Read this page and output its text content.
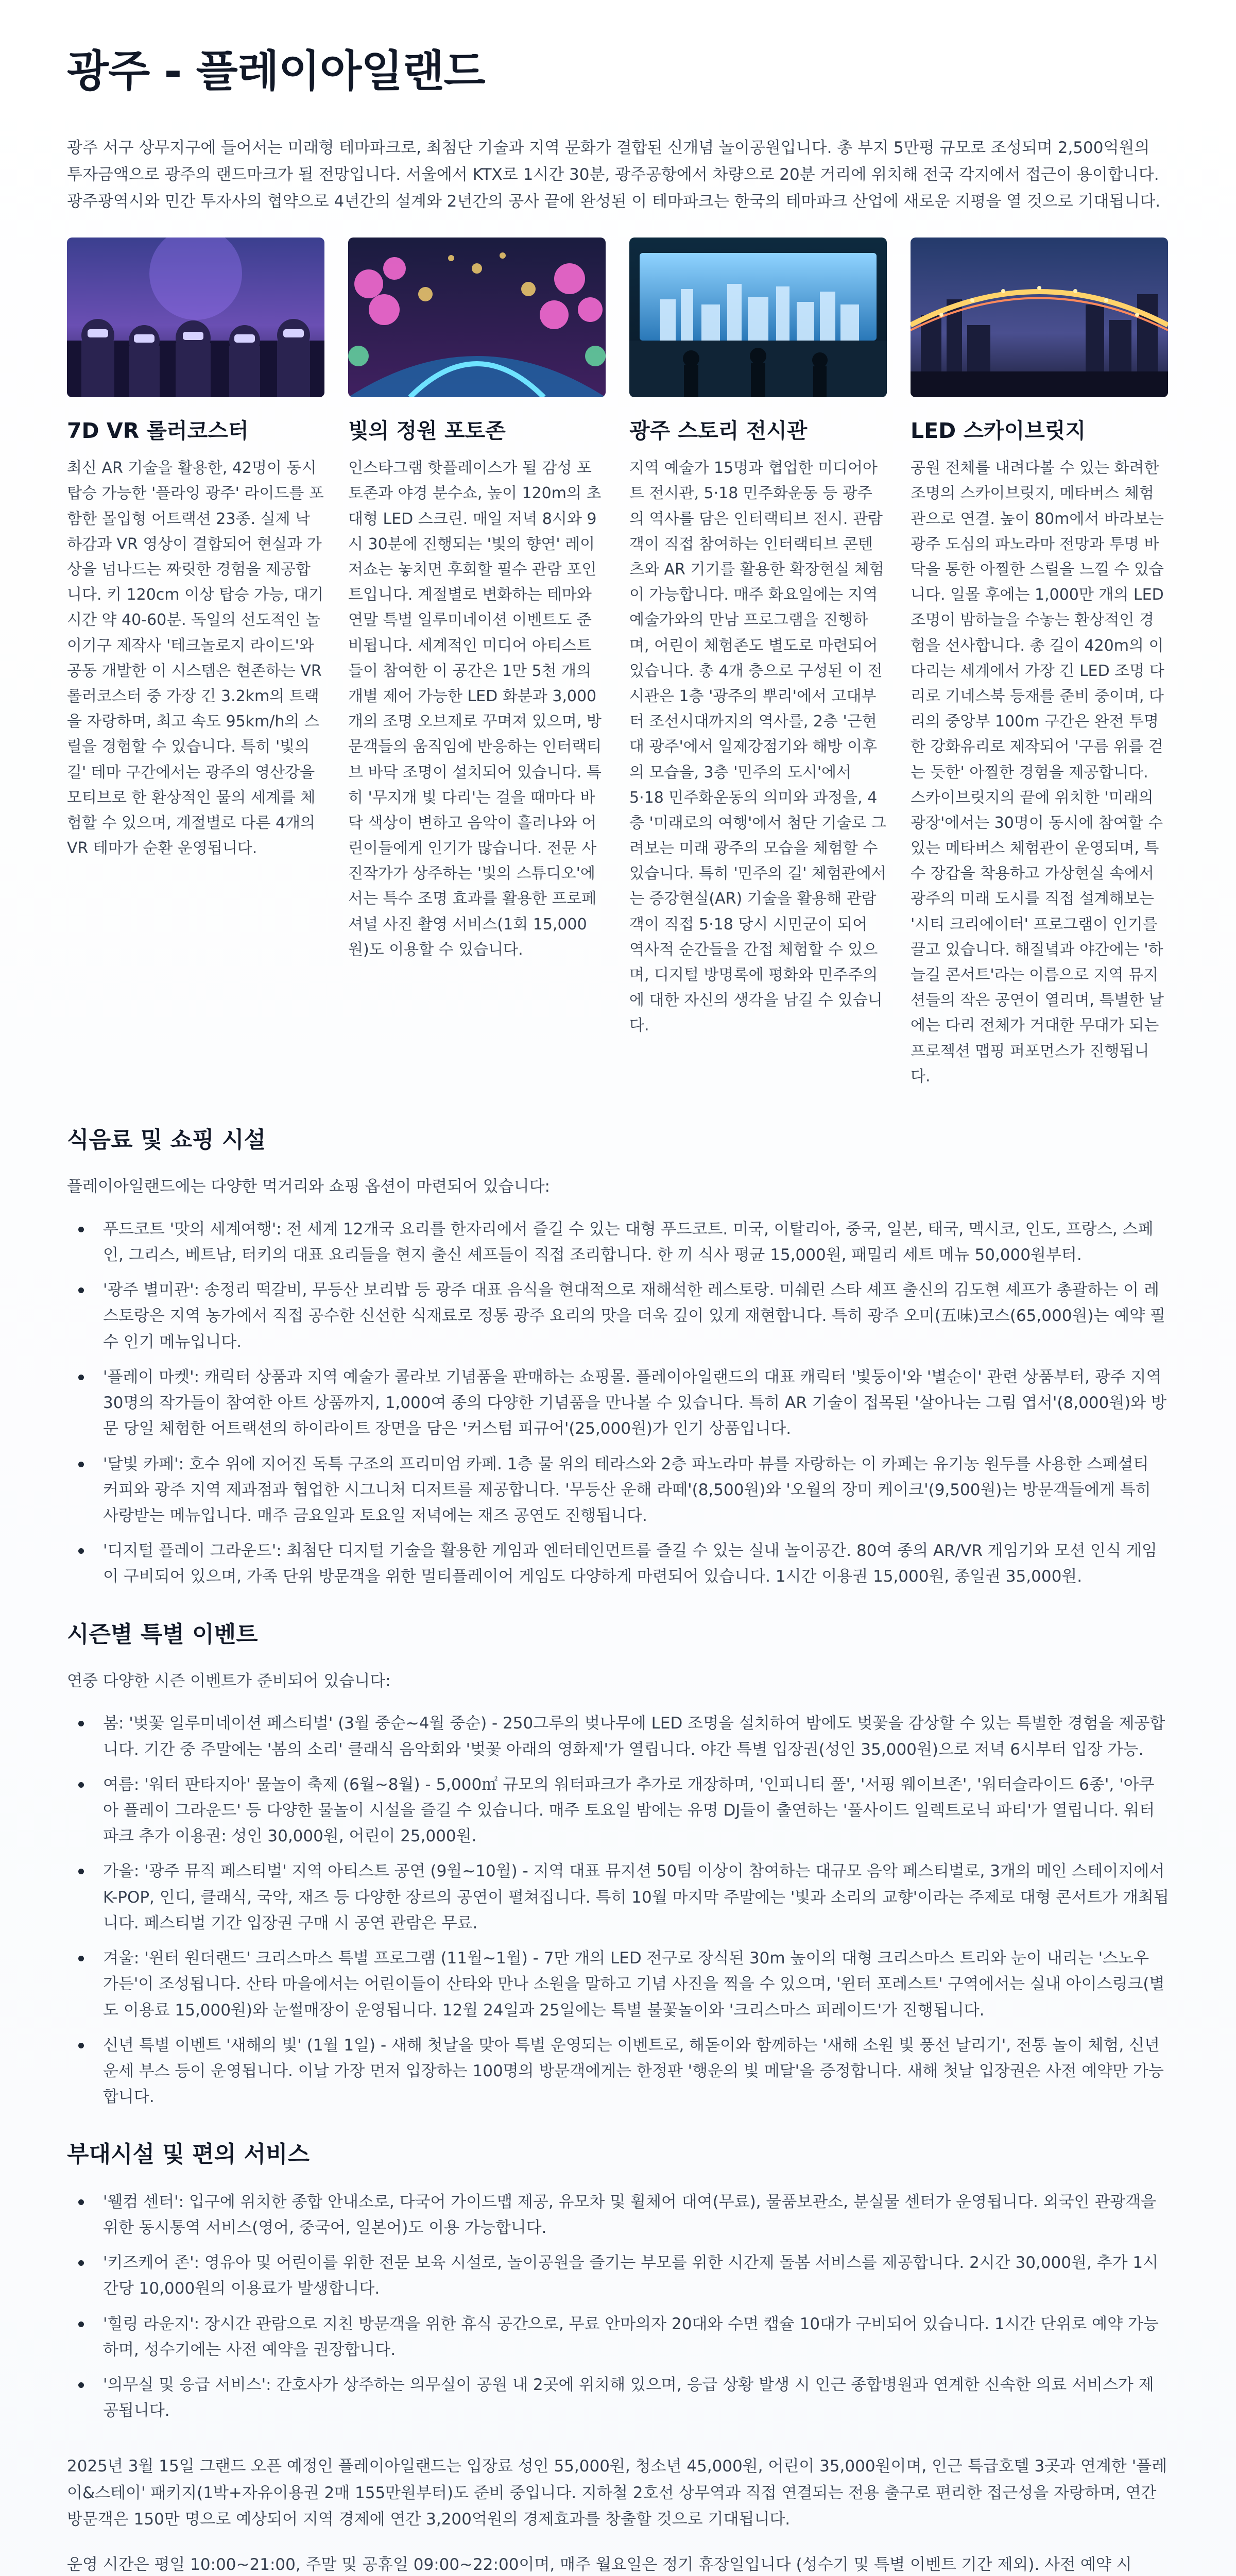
광주 - 플레이아일랜드

광주 서구 상무지구에 들어서는 미래형 테마파크로, 최첨단 기술과 지역 문화가 결합된 신개념 놀이공원입니다. 총 부지 5만평 규모로 조성되며 2,500억원의 투자금액으로 광주의 랜드마크가 될 전망입니다. 서울에서 KTX로 1시간 30분, 광주공항에서 차량으로 20분 거리에 위치해 전국 각지에서 접근이 용이합니다. 광주광역시와 민간 투자사의 협약으로 4년간의 설계와 2년간의 공사 끝에 완성된 이 테마파크는 한국의 테마파크 산업에 새로운 지평을 열 것으로 기대됩니다.

7D VR 롤러코스터
최신 AR 기술을 활용한, 42명이 동시 탑승 가능한 '플라잉 광주' 라이드를 포함한 몰입형 어트랙션 23종. 실제 낙하감과 VR 영상이 결합되어 현실과 가상을 넘나드는 짜릿한 경험을 제공합니다. 키 120cm 이상 탑승 가능, 대기시간 약 40-60분. 독일의 선도적인 놀이기구 제작사 '테크놀로지 라이드'와 공동 개발한 이 시스템은 현존하는 VR 롤러코스터 중 가장 긴 3.2km의 트랙을 자랑하며, 최고 속도 95km/h의 스릴을 경험할 수 있습니다. 특히 '빛의 길' 테마 구간에서는 광주의 영산강을 모티브로 한 환상적인 물의 세계를 체험할 수 있으며, 계절별로 다른 4개의 VR 테마가 순환 운영됩니다.
빛의 정원 포토존
인스타그램 핫플레이스가 될 감성 포토존과 야경 분수쇼, 높이 120m의 초대형 LED 스크린. 매일 저녁 8시와 9시 30분에 진행되는 '빛의 향연' 레이저쇼는 놓치면 후회할 필수 관람 포인트입니다. 계절별로 변화하는 테마와 연말 특별 일루미네이션 이벤트도 준비됩니다. 세계적인 미디어 아티스트들이 참여한 이 공간은 1만 5천 개의 개별 제어 가능한 LED 화분과 3,000개의 조명 오브제로 꾸며져 있으며, 방문객들의 움직임에 반응하는 인터랙티브 바닥 조명이 설치되어 있습니다. 특히 '무지개 빛 다리'는 걸을 때마다 바닥 색상이 변하고 음악이 흘러나와 어린이들에게 인기가 많습니다. 전문 사진작가가 상주하는 '빛의 스튜디오'에서는 특수 조명 효과를 활용한 프로페셔널 사진 촬영 서비스(1회 15,000원)도 이용할 수 있습니다.
광주 스토리 전시관
지역 예술가 15명과 협업한 미디어아트 전시관, 5·18 민주화운동 등 광주의 역사를 담은 인터랙티브 전시. 관람객이 직접 참여하는 인터랙티브 콘텐츠와 AR 기기를 활용한 확장현실 체험이 가능합니다. 매주 화요일에는 지역 예술가와의 만남 프로그램을 진행하며, 어린이 체험존도 별도로 마련되어 있습니다. 총 4개 층으로 구성된 이 전시관은 1층 '광주의 뿌리'에서 고대부터 조선시대까지의 역사를, 2층 '근현대 광주'에서 일제강점기와 해방 이후의 모습을, 3층 '민주의 도시'에서 5·18 민주화운동의 의미와 과정을, 4층 '미래로의 여행'에서 첨단 기술로 그려보는 미래 광주의 모습을 체험할 수 있습니다. 특히 '민주의 길' 체험관에서는 증강현실(AR) 기술을 활용해 관람객이 직접 5·18 당시 시민군이 되어 역사적 순간들을 간접 체험할 수 있으며, 디지털 방명록에 평화와 민주주의에 대한 자신의 생각을 남길 수 있습니다.
LED 스카이브릿지
공원 전체를 내려다볼 수 있는 화려한 조명의 스카이브릿지, 메타버스 체험관으로 연결. 높이 80m에서 바라보는 광주 도심의 파노라마 전망과 투명 바닥을 통한 아찔한 스릴을 느낄 수 있습니다. 일몰 후에는 1,000만 개의 LED 조명이 밤하늘을 수놓는 환상적인 경험을 선사합니다. 총 길이 420m의 이 다리는 세계에서 가장 긴 LED 조명 다리로 기네스북 등재를 준비 중이며, 다리의 중앙부 100m 구간은 완전 투명한 강화유리로 제작되어 '구름 위를 걷는 듯한' 아찔한 경험을 제공합니다. 스카이브릿지의 끝에 위치한 '미래의 광장'에서는 30명이 동시에 참여할 수 있는 메타버스 체험관이 운영되며, 특수 장갑을 착용하고 가상현실 속에서 광주의 미래 도시를 직접 설계해보는 '시티 크리에이터' 프로그램이 인기를 끌고 있습니다. 해질녘과 야간에는 '하늘길 콘서트'라는 이름으로 지역 뮤지션들의 작은 공연이 열리며, 특별한 날에는 다리 전체가 거대한 무대가 되는 프로젝션 맵핑 퍼포먼스가 진행됩니다.
식음료 및 쇼핑 시설

플레이아일랜드에는 다양한 먹거리와 쇼핑 옵션이 마련되어 있습니다:

푸드코트 '맛의 세계여행': 전 세계 12개국 요리를 한자리에서 즐길 수 있는 대형 푸드코트. 미국, 이탈리아, 중국, 일본, 태국, 멕시코, 인도, 프랑스, 스페인, 그리스, 베트남, 터키의 대표 요리들을 현지 출신 셰프들이 직접 조리합니다. 한 끼 식사 평균 15,000원, 패밀리 세트 메뉴 50,000원부터.
'광주 별미관': 송정리 떡갈비, 무등산 보리밥 등 광주 대표 음식을 현대적으로 재해석한 레스토랑. 미쉐린 스타 셰프 출신의 김도현 셰프가 총괄하는 이 레스토랑은 지역 농가에서 직접 공수한 신선한 식재료로 정통 광주 요리의 맛을 더욱 깊이 있게 재현합니다. 특히 광주 오미(五味)코스(65,000원)는 예약 필수 인기 메뉴입니다.
'플레이 마켓': 캐릭터 상품과 지역 예술가 콜라보 기념품을 판매하는 쇼핑몰. 플레이아일랜드의 대표 캐릭터 '빛둥이'와 '별순이' 관련 상품부터, 광주 지역 30명의 작가들이 참여한 아트 상품까지, 1,000여 종의 다양한 기념품을 만나볼 수 있습니다. 특히 AR 기술이 접목된 '살아나는 그림 엽서'(8,000원)와 방문 당일 체험한 어트랙션의 하이라이트 장면을 담은 '커스텀 피규어'(25,000원)가 인기 상품입니다.
'달빛 카페': 호수 위에 지어진 독특 구조의 프리미엄 카페. 1층 물 위의 테라스와 2층 파노라마 뷰를 자랑하는 이 카페는 유기농 원두를 사용한 스페셜티 커피와 광주 지역 제과점과 협업한 시그니처 디저트를 제공합니다. '무등산 운해 라떼'(8,500원)와 '오월의 장미 케이크'(9,500원)는 방문객들에게 특히 사랑받는 메뉴입니다. 매주 금요일과 토요일 저녁에는 재즈 공연도 진행됩니다.
'디지털 플레이 그라운드': 최첨단 디지털 기술을 활용한 게임과 엔터테인먼트를 즐길 수 있는 실내 놀이공간. 80여 종의 AR/VR 게임기와 모션 인식 게임이 구비되어 있으며, 가족 단위 방문객을 위한 멀티플레이어 게임도 다양하게 마련되어 있습니다. 1시간 이용권 15,000원, 종일권 35,000원.
시즌별 특별 이벤트

연중 다양한 시즌 이벤트가 준비되어 있습니다:

봄: '벚꽃 일루미네이션 페스티벌' (3월 중순~4월 중순) - 250그루의 벚나무에 LED 조명을 설치하여 밤에도 벚꽃을 감상할 수 있는 특별한 경험을 제공합니다. 기간 중 주말에는 '봄의 소리' 클래식 음악회와 '벚꽃 아래의 영화제'가 열립니다. 야간 특별 입장권(성인 35,000원)으로 저녁 6시부터 입장 가능.
여름: '워터 판타지아' 물놀이 축제 (6월~8월) - 5,000㎡ 규모의 워터파크가 추가로 개장하며, '인피니티 풀', '서핑 웨이브존', '워터슬라이드 6종', '아쿠아 플레이 그라운드' 등 다양한 물놀이 시설을 즐길 수 있습니다. 매주 토요일 밤에는 유명 DJ들이 출연하는 '풀사이드 일렉트로닉 파티'가 열립니다. 워터파크 추가 이용권: 성인 30,000원, 어린이 25,000원.
가을: '광주 뮤직 페스티벌' 지역 아티스트 공연 (9월~10월) - 지역 대표 뮤지션 50팀 이상이 참여하는 대규모 음악 페스티벌로, 3개의 메인 스테이지에서 K-POP, 인디, 클래식, 국악, 재즈 등 다양한 장르의 공연이 펼쳐집니다. 특히 10월 마지막 주말에는 '빛과 소리의 교향'이라는 주제로 대형 콘서트가 개최됩니다. 페스티벌 기간 입장권 구매 시 공연 관람은 무료.
겨울: '윈터 원더랜드' 크리스마스 특별 프로그램 (11월~1월) - 7만 개의 LED 전구로 장식된 30m 높이의 대형 크리스마스 트리와 눈이 내리는 '스노우 가든'이 조성됩니다. 산타 마을에서는 어린이들이 산타와 만나 소원을 말하고 기념 사진을 찍을 수 있으며, '윈터 포레스트' 구역에서는 실내 아이스링크(별도 이용료 15,000원)와 눈썰매장이 운영됩니다. 12월 24일과 25일에는 특별 불꽃놀이와 '크리스마스 퍼레이드'가 진행됩니다.
신년 특별 이벤트 '새해의 빛' (1월 1일) - 새해 첫날을 맞아 특별 운영되는 이벤트로, 해돋이와 함께하는 '새해 소원 빛 풍선 날리기', 전통 놀이 체험, 신년 운세 부스 등이 운영됩니다. 이날 가장 먼저 입장하는 100명의 방문객에게는 한정판 '행운의 빛 메달'을 증정합니다. 새해 첫날 입장권은 사전 예약만 가능합니다.
부대시설 및 편의 서비스
'웰컴 센터': 입구에 위치한 종합 안내소로, 다국어 가이드맵 제공, 유모차 및 휠체어 대여(무료), 물품보관소, 분실물 센터가 운영됩니다. 외국인 관광객을 위한 동시통역 서비스(영어, 중국어, 일본어)도 이용 가능합니다.
'키즈케어 존': 영유아 및 어린이를 위한 전문 보육 시설로, 놀이공원을 즐기는 부모를 위한 시간제 돌봄 서비스를 제공합니다. 2시간 30,000원, 추가 1시간당 10,000원의 이용료가 발생합니다.
'힐링 라운지': 장시간 관람으로 지친 방문객을 위한 휴식 공간으로, 무료 안마의자 20대와 수면 캡슐 10대가 구비되어 있습니다. 1시간 단위로 예약 가능하며, 성수기에는 사전 예약을 권장합니다.
'의무실 및 응급 서비스': 간호사가 상주하는 의무실이 공원 내 2곳에 위치해 있으며, 응급 상황 발생 시 인근 종합병원과 연계한 신속한 의료 서비스가 제공됩니다.

2025년 3월 15일 그랜드 오픈 예정인 플레이아일랜드는 입장료 성인 55,000원, 청소년 45,000원, 어린이 35,000원이며, 인근 특급호텔 3곳과 연계한 '플레이&스테이' 패키지(1박+자유이용권 2매 155만원부터)도 준비 중입니다. 지하철 2호선 상무역과 직접 연결되는 전용 출구로 편리한 접근성을 자랑하며, 연간 방문객은 150만 명으로 예상되어 지역 경제에 연간 3,200억원의 경제효과를 창출할 것으로 기대됩니다.

운영 시간은 평일 10:00~21:00, 주말 및 공휴일 09:00~22:00이며, 매주 월요일은 정기 휴장일입니다 (성수기 및 특별 이벤트 기간 제외). 사전 예약 시
